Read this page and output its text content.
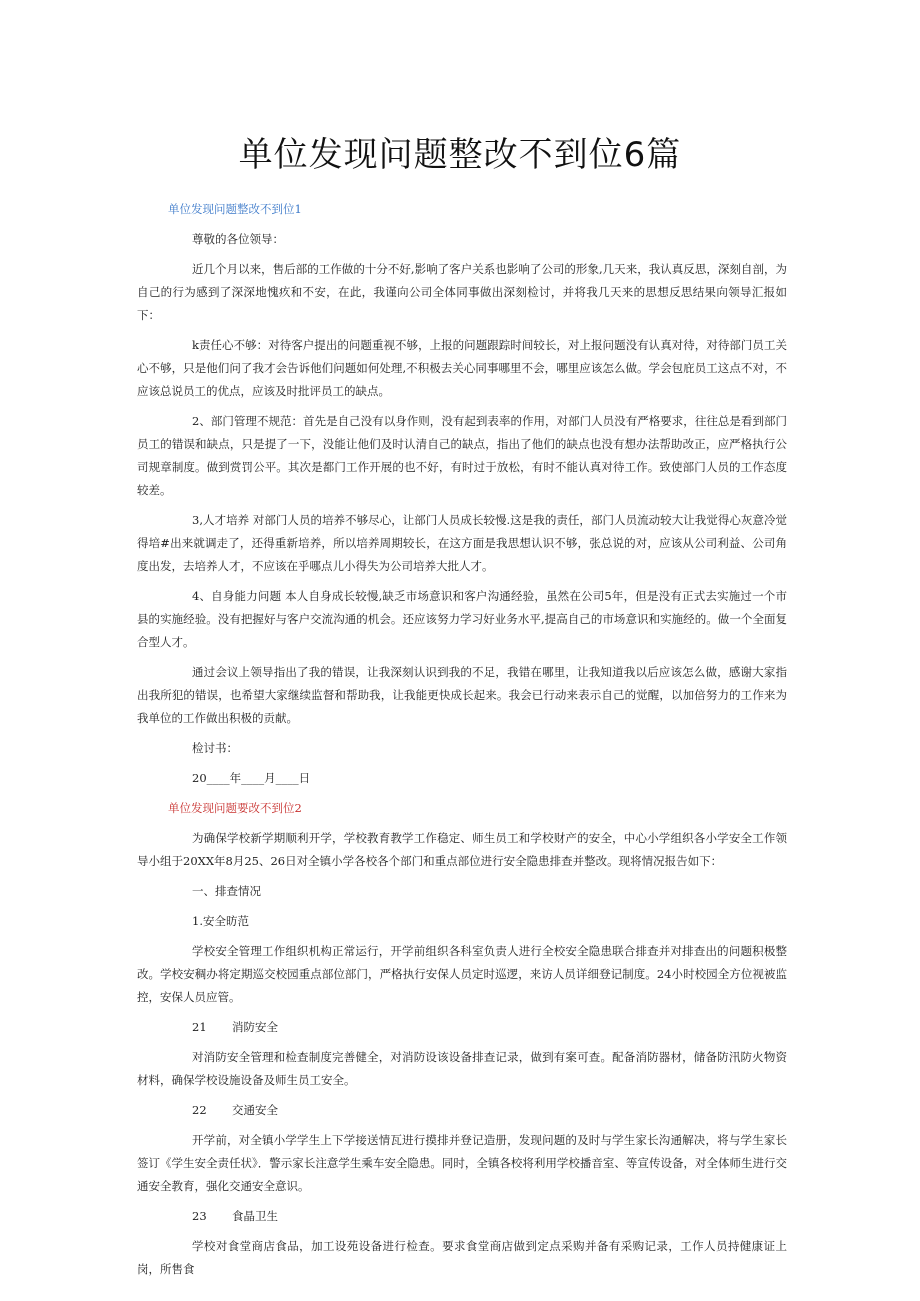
单位发现问题整改不到位6篇
单位发现问题整改不到位1

尊敬的各位领导：

近几个月以来，售后部的工作做的十分不好,影响了客户关系也影响了公司的形象,几天来，我认真反思，深刻自剖，为自己的行为感到了深深地愧疚和不安，在此，我谨向公司全体同事做出深刻检讨，并将我几天来的思想反思结果向领导汇报如下：

k责任心不够：对待客户提出的问题重视不够，上报的问题跟踪时间较长，对上报问题没有认真对待，对待部门员工关心不够，只是他们问了我才会告诉他们问题如何处理,不积极去关心同事哪里不会，哪里应该怎么做。学会包庇员工这点不对，不应该总说员工的优点，应该及时批评员工的缺点。

2、部门管理不规范：首先是自己没有以身作则，没有起到表率的作用，对部门人员没有严格要求，往往总是看到部门员工的错误和缺点，只是提了一下，没能让他们及时认清自己的缺点，指出了他们的缺点也没有想办法帮助改正，应严格执行公司规章制度。做到赏罚公平。其次是都门工作开展的也不好，有时过于放松，有时不能认真对待工作。致使部门人员的工作态度较差。

3,人才培养 对部门人员的培养不够尽心，让部门人员成长较慢.这是我的责任，部门人员流动较大让我觉得心灰意冷觉得培#出来就调走了，还得重新培养，所以培养周期较长，在这方面是我思想认识不够，张总说的对，应该从公司利益、公司角度出发，去培养人才，不应该在乎哪点儿小得失为公司培养大批人才。

4、自身能力问题 本人自身成长较慢,缺乏市场意识和客户沟通经验，虽然在公司5年，但是没有正式去实施过一个市县的实施经验。没有把握好与客户交流沟通的机会。还应该努力学习好业务水平,提高自己的市场意识和实施经的。做一个全面复合型人才。

通过会议上领导指出了我的错误，让我深刻认识到我的不足，我错在哪里，让我知道我以后应该怎么做，感谢大家指出我所犯的错误，也希望大家继续监督和帮助我，让我能更快成长起来。我会已行动来表示自己的觉醒，以加倍努力的工作来为我单位的工作做出积极的贡献。

检讨书：

20____年____月____日

单位发现问题要改不到位2

为确保学校新学期顺利开学，学校教育教学工作稳定、师生员工和学校财产的安全，中心小学组织各小学安全工作领导小组于20XX年8月25、26日对全镇小学各校各个部门和重点部位进行安全隐患排查并整改。现将情况报告如下：

一、排查情况

1.安全昉范

学校安全管理工作组织机构正常运行，开学前组织各科室负责人进行全校安全隐患联合排查并对排查出的问题积极整改。学校安稠办将定期巡交校园重点部位部门，严格执行安保人员定时巡逻，来访人员详细登记制度。24小时校园全方位视被监控，安保人员应管。

21 消防安全

对消防安全管理和检查制度完善健全，对消防设该设备排查记录，做到有案可查。配备消防器材，储备防汛防火物资材料，确保学校设施设备及师生员工安全。

22 交通安全

开学前，对全镇小学学生上下学接送情瓦进行摸排并登记造册，发现问题的及时与学生家长沟通解决，将与学生家长签订《学生安全责任状》．警示家长注意学生乘车安全隐患。同时，全镇各校将利用学校播音室、等宣传设备，对全体师生进行交通安全教育，强化交通安全意识。

23 食晶卫生

学校对食堂商店食品，加工设苑设备进行检查。要求食堂商店做到定点采购并备有采购记录，工作人员持健康证上岗，所售食
